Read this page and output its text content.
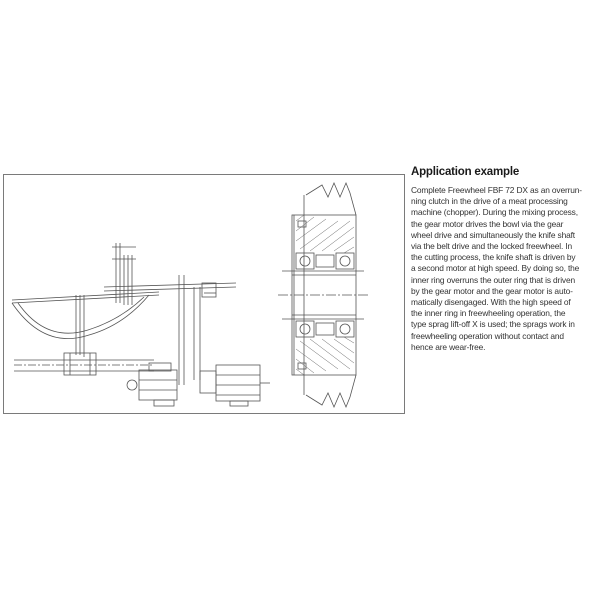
Application example
Complete Freewheel FBF 72 DX as an overrun-
ning clutch in the drive of a meat processing
machine (chopper). During the mixing process,
the gear motor drives the bowl via the gear
wheel drive and simultaneously the knife shaft
via the belt drive and the locked freewheel. In
the cutting process, the knife shaft is driven by
a second motor at high speed. By doing so, the
inner ring overruns the outer ring that is driven
by the gear motor and the gear motor is auto-
matically disengaged. With the high speed of
the inner ring in freewheeling operation, the
type sprag lift-off X is used; the sprags work in
freewheeling operation without contact and
hence are wear-free.
